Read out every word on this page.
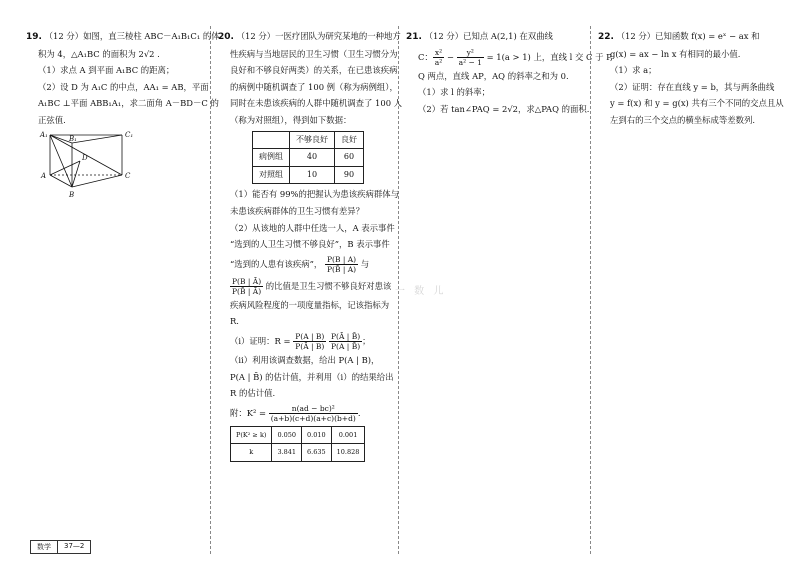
19. （12 分）如图，直三棱柱 ABC－A₁B₁C₁ 的体
积为 4，△A₁BC 的面积为 2√2 .
（1）求点 A 到平面 A₁BC 的距离；
（2）设 D 为 A₁C 的中点，AA₁ = AB，平面
A₁BC ⊥平面 ABB₁A₁，求二面角 A－BD－C 的
正弦值.
A₁	B₁	C₁
D
A	C
B
20. （12 分）一医疗团队为研究某地的一种地方
性疾病与当地居民的卫生习惯（卫生习惯分为
良好和不够良好两类）的关系，在已患该疾病
的病例中随机调查了 100 例（称为病例组），
同时在未患该疾病的人群中随机调查了 100 人
（称为对照组），得到如下数据：
	不够良好	良好
病例组	40	60
对照组	10	90
（1）能否有 99%的把握认为患该疾病群体与
未患该疾病群体的卫生习惯有差异？
（2）从该地的人群中任选一人，A 表示事件
“选到的人卫生习惯不够良好”，B 表示事件
“选到的人患有该疾病”， $\frac{P(B | A)}{P(B̄ | A)}$ 与
$\frac{P(B | Ā)}{P(B̄ | Ā)}$ 的比值是卫生习惯不够良好对患该
疾病风险程度的一项度量指标，记该指标为
R.
（i）证明：$R = \frac{P(A | B)}{P(Ā | B)}$
$\frac{P(Ā | B̄)}{P(A | B̄)}$ ；
（ii）利用该调查数据，给出 P(A | B)，
P(A | B̄) 的估计值，并利用（i）的结果给出
R 的估计值.
附：$K^2 = \frac{\text{n(ad − bc)²}}{(a+b)(c+d)(a+c)(b+d)}$ .
P(K² ≥ k)	0.050	0.010	0.001
k	3.841	6.635	10.828
21. （12 分）已知点 A(2,1) 在双曲线
C： $\frac{\text{x²}}{\text{a²}} - \frac{\text{y²}}{\text{a² − 1}} = 1(a > 1)$ 上，直线 l 交 C 于 P,
Q 两点，直线 AP，AQ 的斜率之和为 0.
（1）求 l 的斜率；
（2）若 tan∠PAQ = 2√2，求△PAQ 的面积.
22. （12 分）已知函数 f(x) = eˣ − ax 和
g(x) = ax − ln x 有相同的最小值.
（1）求 a；
（2）证明：存在直线 y = b，其与两条曲线
y = f(x) 和 y = g(x) 共有三个不同的交点且从
左到右的三个交点的横坐标成等差数列.
一 数 儿
数学	37—2
